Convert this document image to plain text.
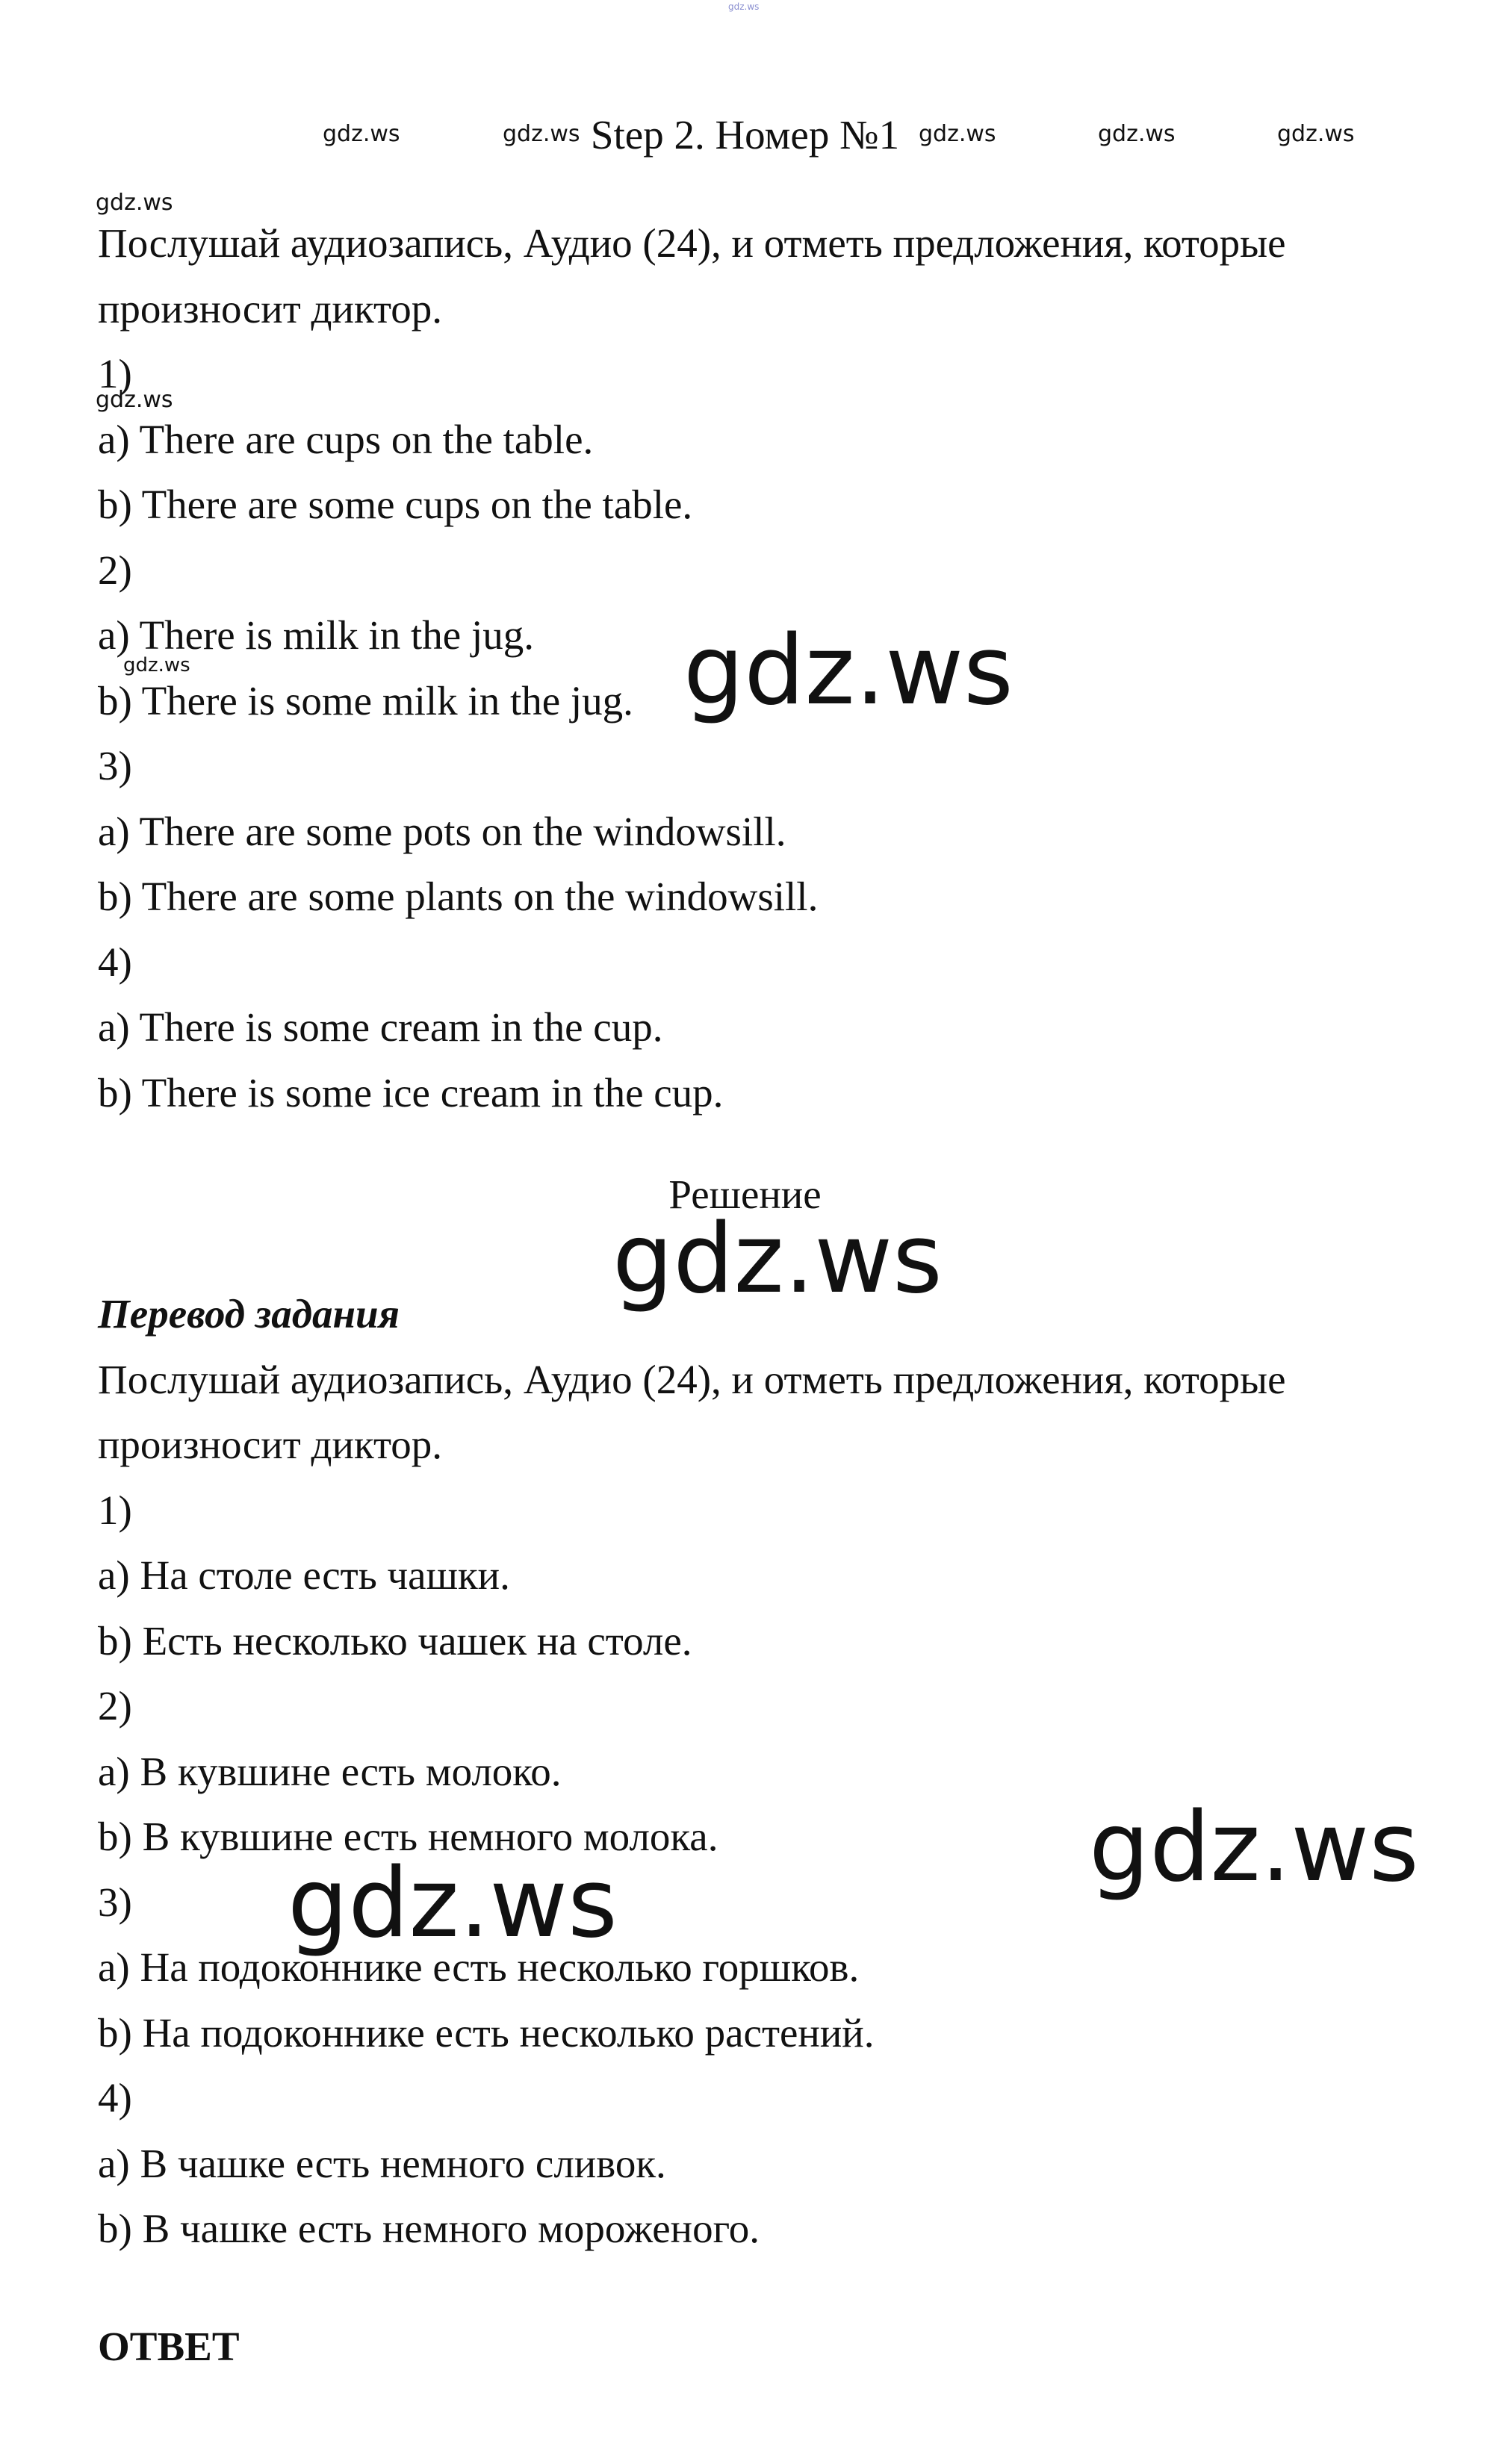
gdz.ws
gdz.ws	gdz.ws	gdz.ws	gdz.ws	gdz.ws
gdz.ws
gdz.ws
gdz.ws	gdz.ws
gdz.ws
gdz.ws
gdz.ws
Step 2. Номер №1

Послушай аудиозапись, Аудио (24), и отметь предложения, которые

произносит диктор.

1)

a) There are cups on the table.

b) There are some cups on the table.

2)

a) There is milk in the jug.

b) There is some milk in the jug.

3)

a) There are some pots on the windowsill.

b) There are some plants on the windowsill.

4)

a) There is some cream in the cup.

b) There is some ice cream in the cup.

Решение

Перевод задания

Послушай аудиозапись, Аудио (24), и отметь предложения, которые

произносит диктор.

1)

a) На столе есть чашки.

b) Есть несколько чашек на столе.

2)

a) В кувшине есть молоко.

b) В кувшине есть немного молока.

3)

a) На подоконнике есть несколько горшков.

b) На подоконнике есть несколько растений.

4)

a) В чашке есть немного сливок.

b) В чашке есть немного мороженого.

ОТВЕТ
